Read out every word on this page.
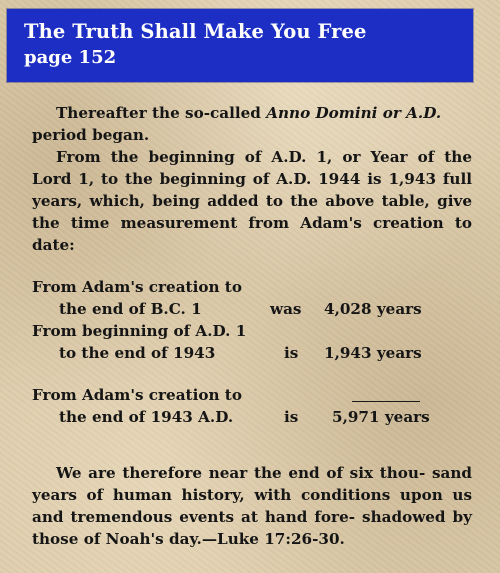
The Truth Shall Make You Free
page 152

Thereafter the so-called Anno Domini or A.D.
period began.

From the beginning of A.D. 1, or Year of the Lord 1, to the beginning of A.D. 1944 is 1,943 full years, which, being added to the above table, give the time measurement from Adam's creation to date:

From Adam's creation to
the end of B.C. 1	was 4,028 years
From beginning of A.D. 1
to the end of 1943	is 1,943 years
From Adam's creation to
the end of 1943 A.D.	is 5,971 years

We are therefore near the end of six thou- sand years of human history, with conditions upon us and tremendous events at hand fore- shadowed by those of Noah's day.—Luke 17:26-30.
